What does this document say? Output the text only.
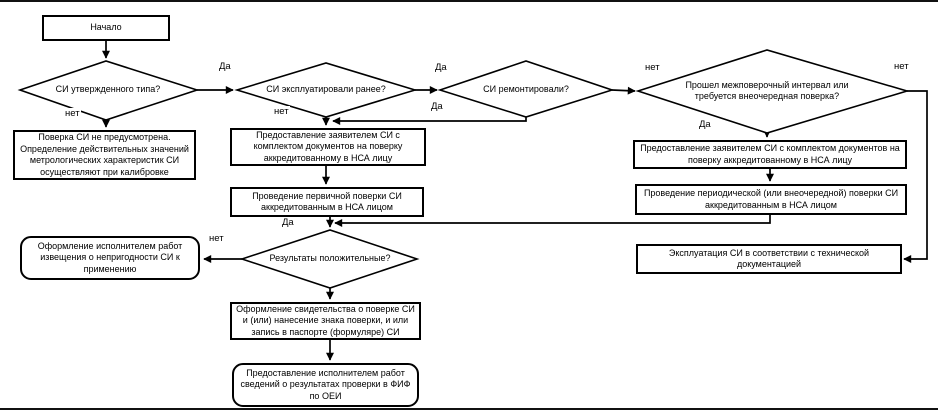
Начало
Поверка СИ не предусмотрена. Определение действительных значений метрологических характеристик СИ осуществляют при калибровке
Предоставление заявителем СИ с комплектом документов на поверку аккредитованному в НСА лицу
Проведение первичной поверки СИ аккредитованным в НСА лицом
Предоставление заявителем СИ с комплектом документов на поверку аккредитованному в НСА лицу
Проведение периодической (или внеочередной) поверки СИ аккредитованным в НСА лицом
Эксплуатация СИ в соответствии с технической документацией
Оформление исполнителем работ извещения о непригодности СИ к применению
Оформление свидетельства о поверке СИ и (или) нанесение знака поверки, и или запись в паспорте (формуляре) СИ
Предоставление исполнителем работ сведений о результатах проверки в ФИФ по ОЕИ
СИ утвержденного типа?	СИ эксплуатировали ранее?	СИ ремонтировали?	Прошел межповерочный интервал или требуется внеочередная поверка?
Результаты положительные?
Да
нет	нет
Да
Да
нет
Да
нет
Да
нет
